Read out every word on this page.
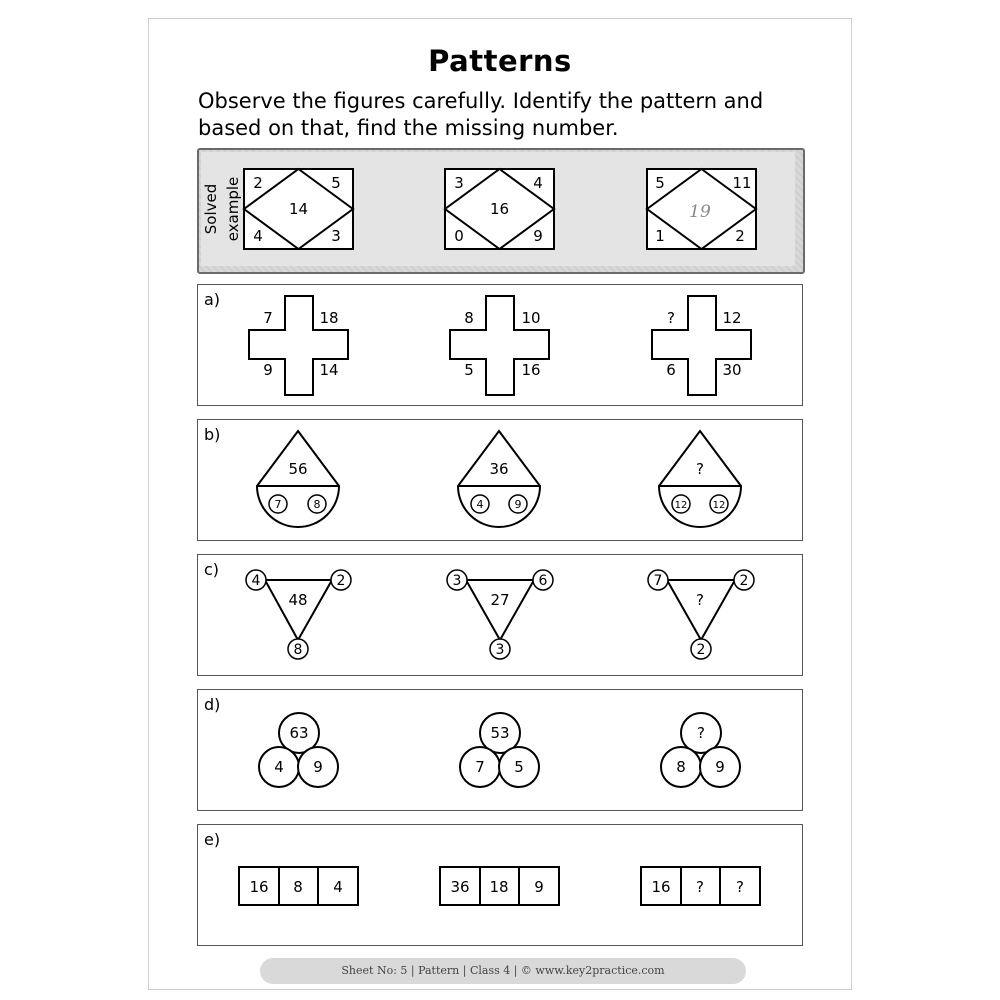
Patterns
Observe the figures carefully. Identify the pattern and based on that, find the missing number.
Solved example 2	5
4	3
14
3	4
0	9
16
5	11
1	2
19
a)
7	18
9	14
8	10
5	16
?	12
6	30
b)
56
7	8
36
4	9
?
12	12
c)
4	2
8
48
3	6
3
27
7	2
2
?
d)
63
4 9
53
7 5
?
8 9
e)
16 8 4	36 18 9	16 ? ?
Sheet No: 5 | Pattern | Class 4 | © www.key2practice.com
